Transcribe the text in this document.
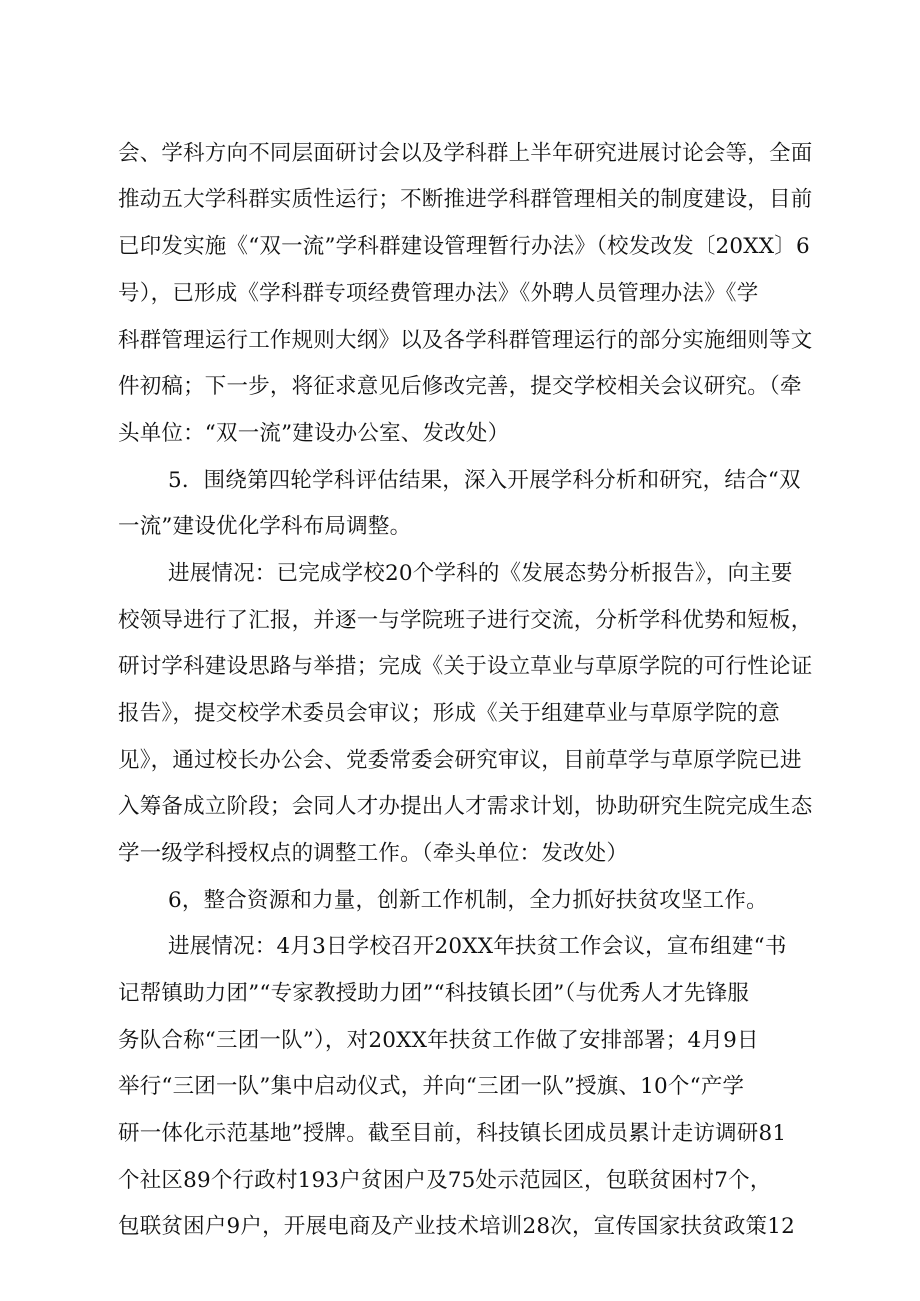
会、学科方向不同层面研讨会以及学科群上半年研究进展讨论会等，全面
推动五大学科群实质性运行；不断推进学科群管理相关的制度建设，目前
已印发实施《“双一流”学科群建设管理暂行办法》（校发改发〔20XX〕6
号），已形成《学科群专项经费管理办法》《外聘人员管理办法》《学
科群管理运行工作规则大纲》以及各学科群管理运行的部分实施细则等文
件初稿；下一步，将征求意见后修改完善，提交学校相关会议研究。（牵
头单位：“双一流”建设办公室、发改处）
5．围绕第四轮学科评估结果，深入开展学科分析和研究，结合“双
一流”建设优化学科布局调整。
进展情况：已完成学校20个学科的《发展态势分析报告》，向主要
校领导进行了汇报，并逐一与学院班子进行交流，分析学科优势和短板，
研讨学科建设思路与举措；完成《关于设立草业与草原学院的可行性论证
报告》，提交校学术委员会审议；形成《关于组建草业与草原学院的意
见》，通过校长办公会、党委常委会研究审议，目前草学与草原学院已进
入筹备成立阶段；会同人才办提出人才需求计划，协助研究生院完成生态
学一级学科授权点的调整工作。（牵头单位：发改处）
6，整合资源和力量，创新工作机制，全力抓好扶贫攻坚工作。
进展情况：4月3日学校召开20XX年扶贫工作会议，宣布组建“书
记帮镇助力团”“专家教授助力团”“科技镇长团”（与优秀人才先锋服
务队合称“三团一队”），对20XX年扶贫工作做了安排部署；4月9日
举行“三团一队”集中启动仪式，并向“三团一队”授旗、10个“产学
研一体化示范基地”授牌。截至目前，科技镇长团成员累计走访调研81
个社区89个行政村193户贫困户及75处示范园区，包联贫困村7个，
包联贫困户9户，开展电商及产业技术培训28次，宣传国家扶贫政策12
